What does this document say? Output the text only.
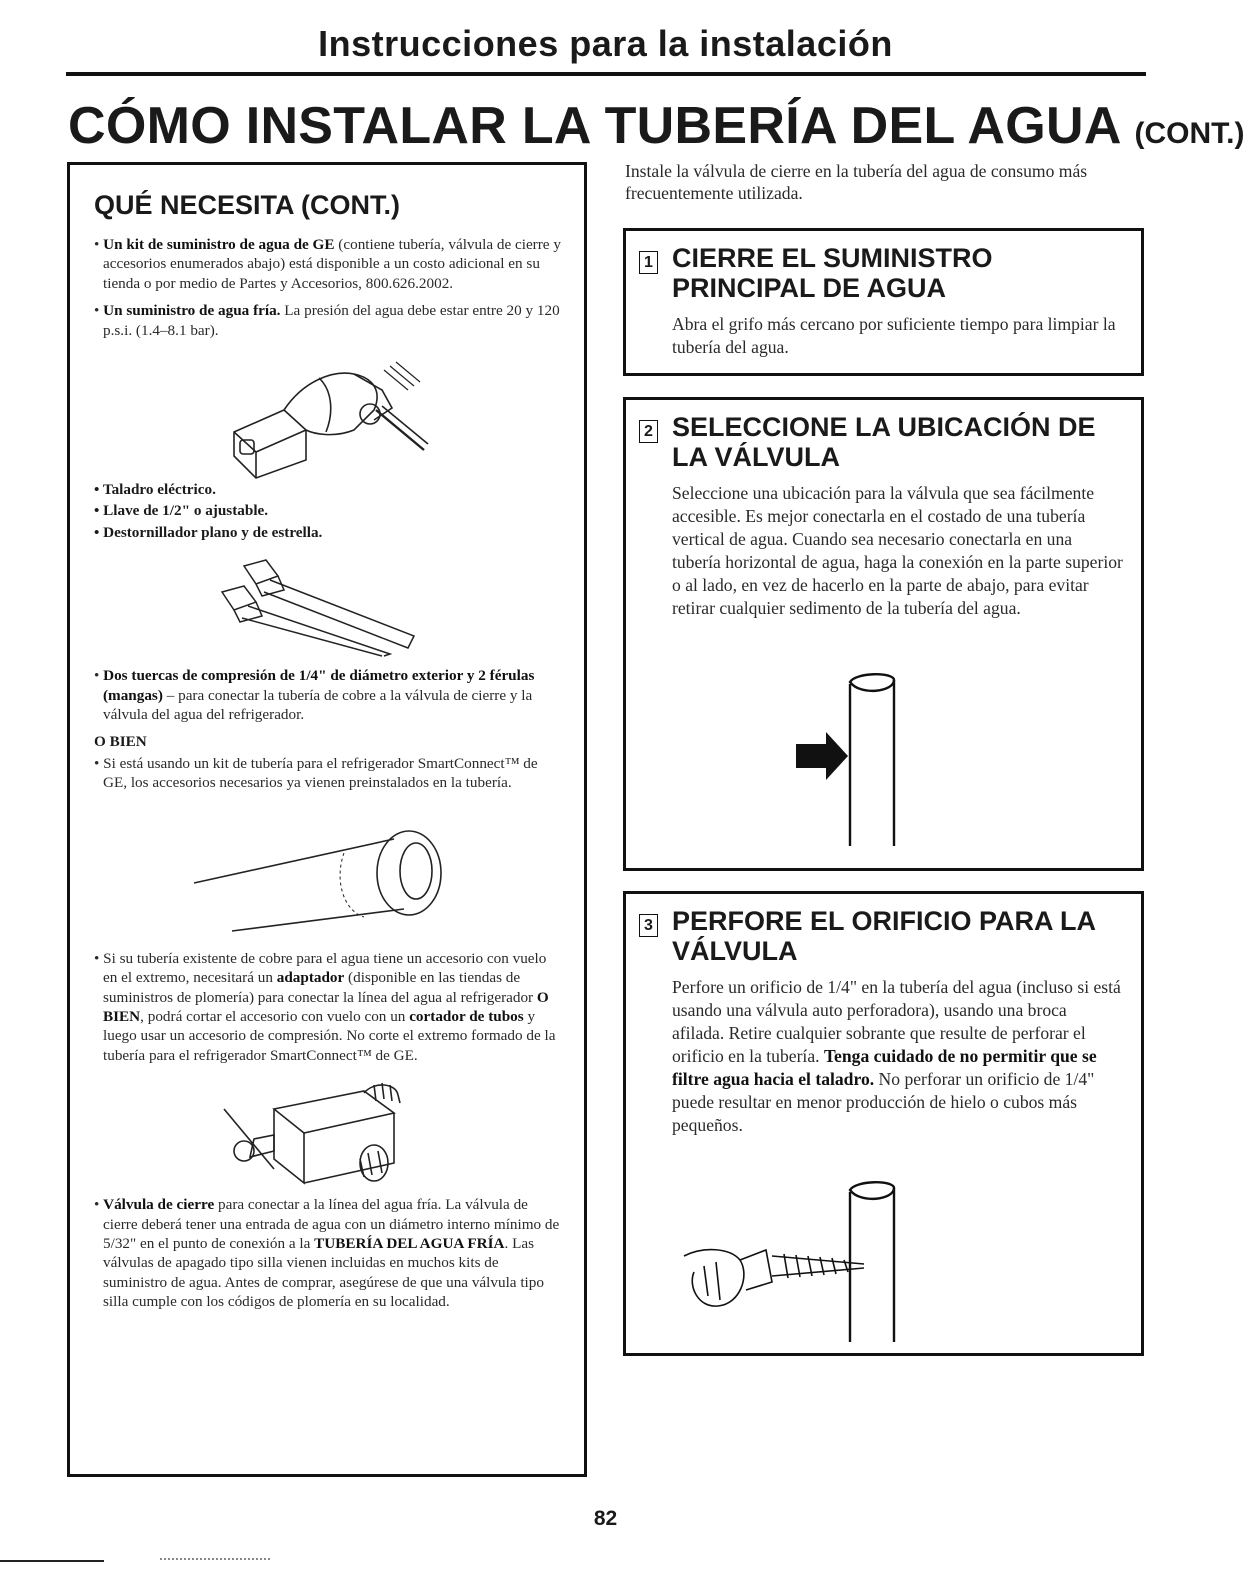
Instrucciones para la instalación
CÓMO INSTALAR LA TUBERÍA DEL AGUA (CONT.)
QUÉ NECESITA (CONT.)

• Un kit de suministro de agua de GE (contiene tubería, válvula de cierre y accesorios enumerados abajo) está disponible a un costo adicional en su tienda o por medio de Partes y Accesorios, 800.626.2002.

• Un suministro de agua fría. La presión del agua debe estar entre 20 y 120 p.s.i. (1.4–8.1 bar).

• Taladro eléctrico.

• Llave de 1/2" o ajustable.

• Destornillador plano y de estrella.

• Dos tuercas de compresión de 1/4" de diámetro exterior y 2 férulas (mangas) – para conectar la tubería de cobre a la válvula de cierre y la válvula del agua del refrigerador.

O BIEN

• Si está usando un kit de tubería para el refrigerador SmartConnect™ de GE, los accesorios necesarios ya vienen preinstalados en la tubería.

• Si su tubería existente de cobre para el agua tiene un accesorio con vuelo en el extremo, necesitará un adaptador (disponible en las tiendas de suministros de plomería) para conectar la línea del agua al refrigerador O BIEN, podrá cortar el accesorio con vuelo con un cortador de tubos y luego usar un accesorio de compresión. No corte el extremo formado de la tubería para el refrigerador SmartConnect™ de GE.

• Válvula de cierre para conectar a la línea del agua fría. La válvula de cierre deberá tener una entrada de agua con un diámetro interno mínimo de 5/32" en el punto de conexión a la TUBERÍA DEL AGUA FRÍA. Las válvulas de apagado tipo silla vienen incluidas en muchos kits de suministro de agua. Antes de comprar, asegúrese de que una válvula tipo silla cumple con los códigos de plomería en su localidad.

Instale la válvula de cierre en la tubería del agua de consumo más frecuentemente utilizada.

1 CIERRE EL SUMINISTRO PRINCIPAL DE AGUA

Abra el grifo más cercano por suficiente tiempo para limpiar la tubería del agua.

2 SELECCIONE LA UBICACIÓN DE LA VÁLVULA

Seleccione una ubicación para la válvula que sea fácilmente accesible. Es mejor conectarla en el costado de una tubería vertical de agua. Cuando sea necesario conectarla en una tubería horizontal de agua, haga la conexión en la parte superior o al lado, en vez de hacerlo en la parte de abajo, para evitar retirar cualquier sedimento de la tubería del agua.

3 PERFORE EL ORIFICIO PARA LA VÁLVULA

Perfore un orificio de 1/4" en la tubería del agua (incluso si está usando una válvula auto perforadora), usando una broca afilada. Retire cualquier sobrante que resulte de perforar el orificio en la tubería. Tenga cuidado de no permitir que se filtre agua hacia el taladro. No perforar un orificio de 1/4" puede resultar en menor producción de hielo o cubos más pequeños.

82
